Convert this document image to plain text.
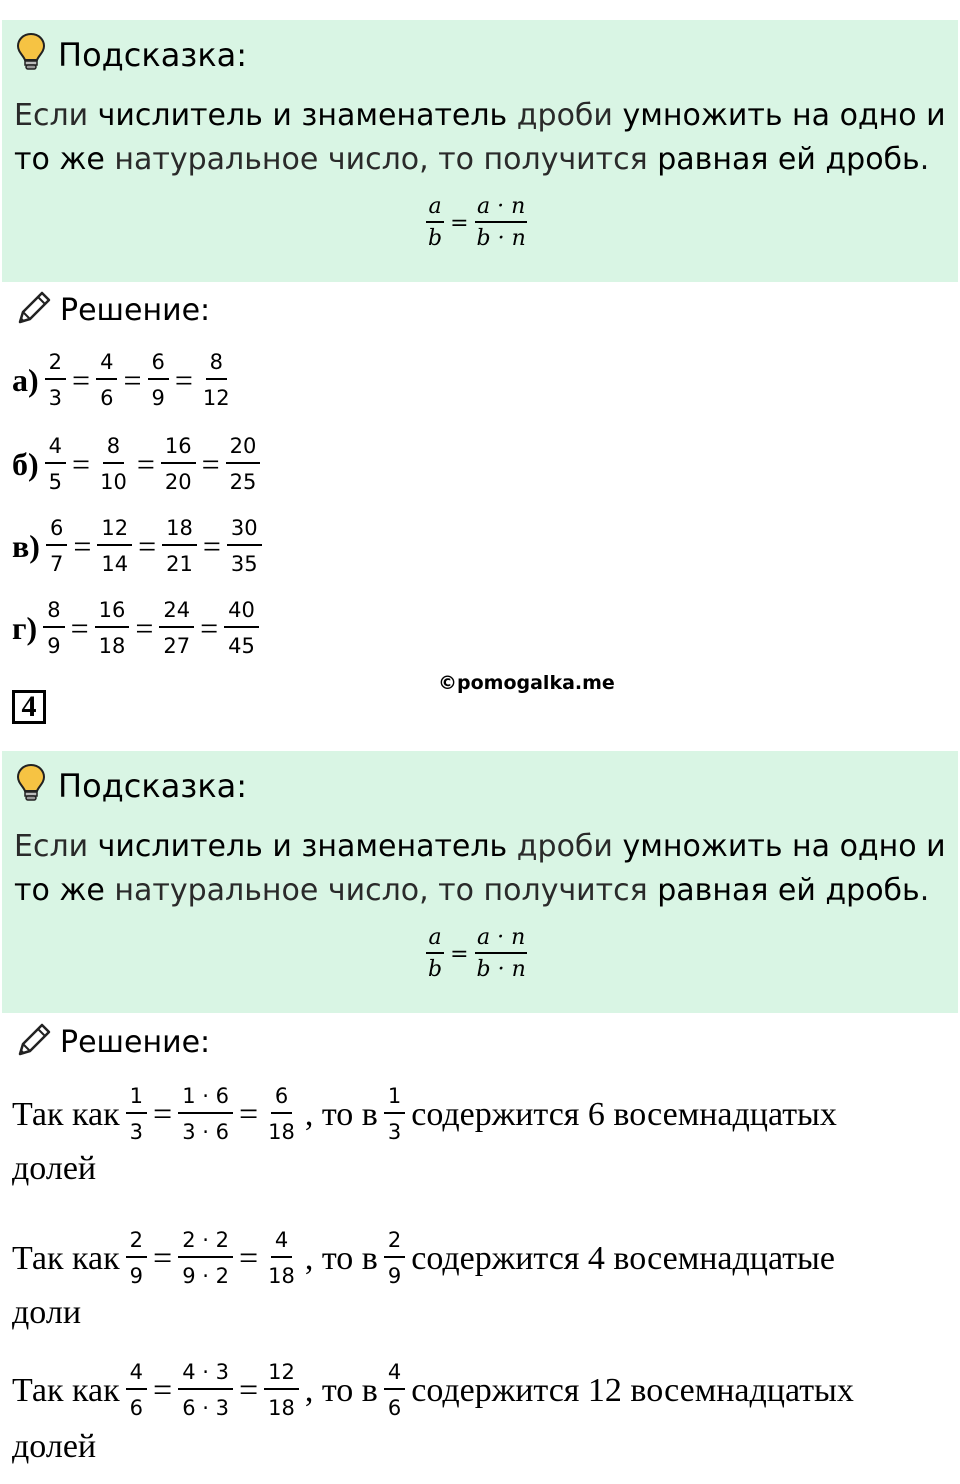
Подсказка:
Если числитель и знаменатель дроби умножить на одно и то же натуральное число, то получится равная ей дробь.
$\frac{a}{b} = \frac{a \cdot n}{b \cdot n}$
Решение:
$а) \frac{2}{3} = \frac{4}{6} = \frac{6}{9} = \frac{8}{12}$
$б) \frac{4}{5} = \frac{8}{10} = \frac{16}{20} = \frac{20}{25}$
$в) \frac{6}{7} = \frac{12}{14} = \frac{18}{21} = \frac{30}{35}$
$г) \frac{8}{9} = \frac{16}{18} = \frac{24}{27} = \frac{40}{45}$
©pomogalka.me
4
Подсказка:
Если числитель и знаменатель дроби умножить на одно и то же натуральное число, то получится равная ей дробь.
$\frac{a}{b} = \frac{a \cdot n}{b \cdot n}$
Решение:
Так как $\frac{1}{3} = \frac{1 \cdot 6}{3 \cdot 6} = \frac{6}{18}$ , то в $\frac{1}{3}$ содержится 6 восемнадцатых
долей
Так как $\frac{2}{9} = \frac{2 \cdot 2}{9 \cdot 2} = \frac{4}{18}$ , то в $\frac{2}{9}$ содержится 4 восемнадцатые
доли
Так как $\frac{4}{6} = \frac{4 \cdot 3}{6 \cdot 3} = \frac{12}{18}$ , то в $\frac{4}{6}$ содержится 12 восемнадцатых
долей
